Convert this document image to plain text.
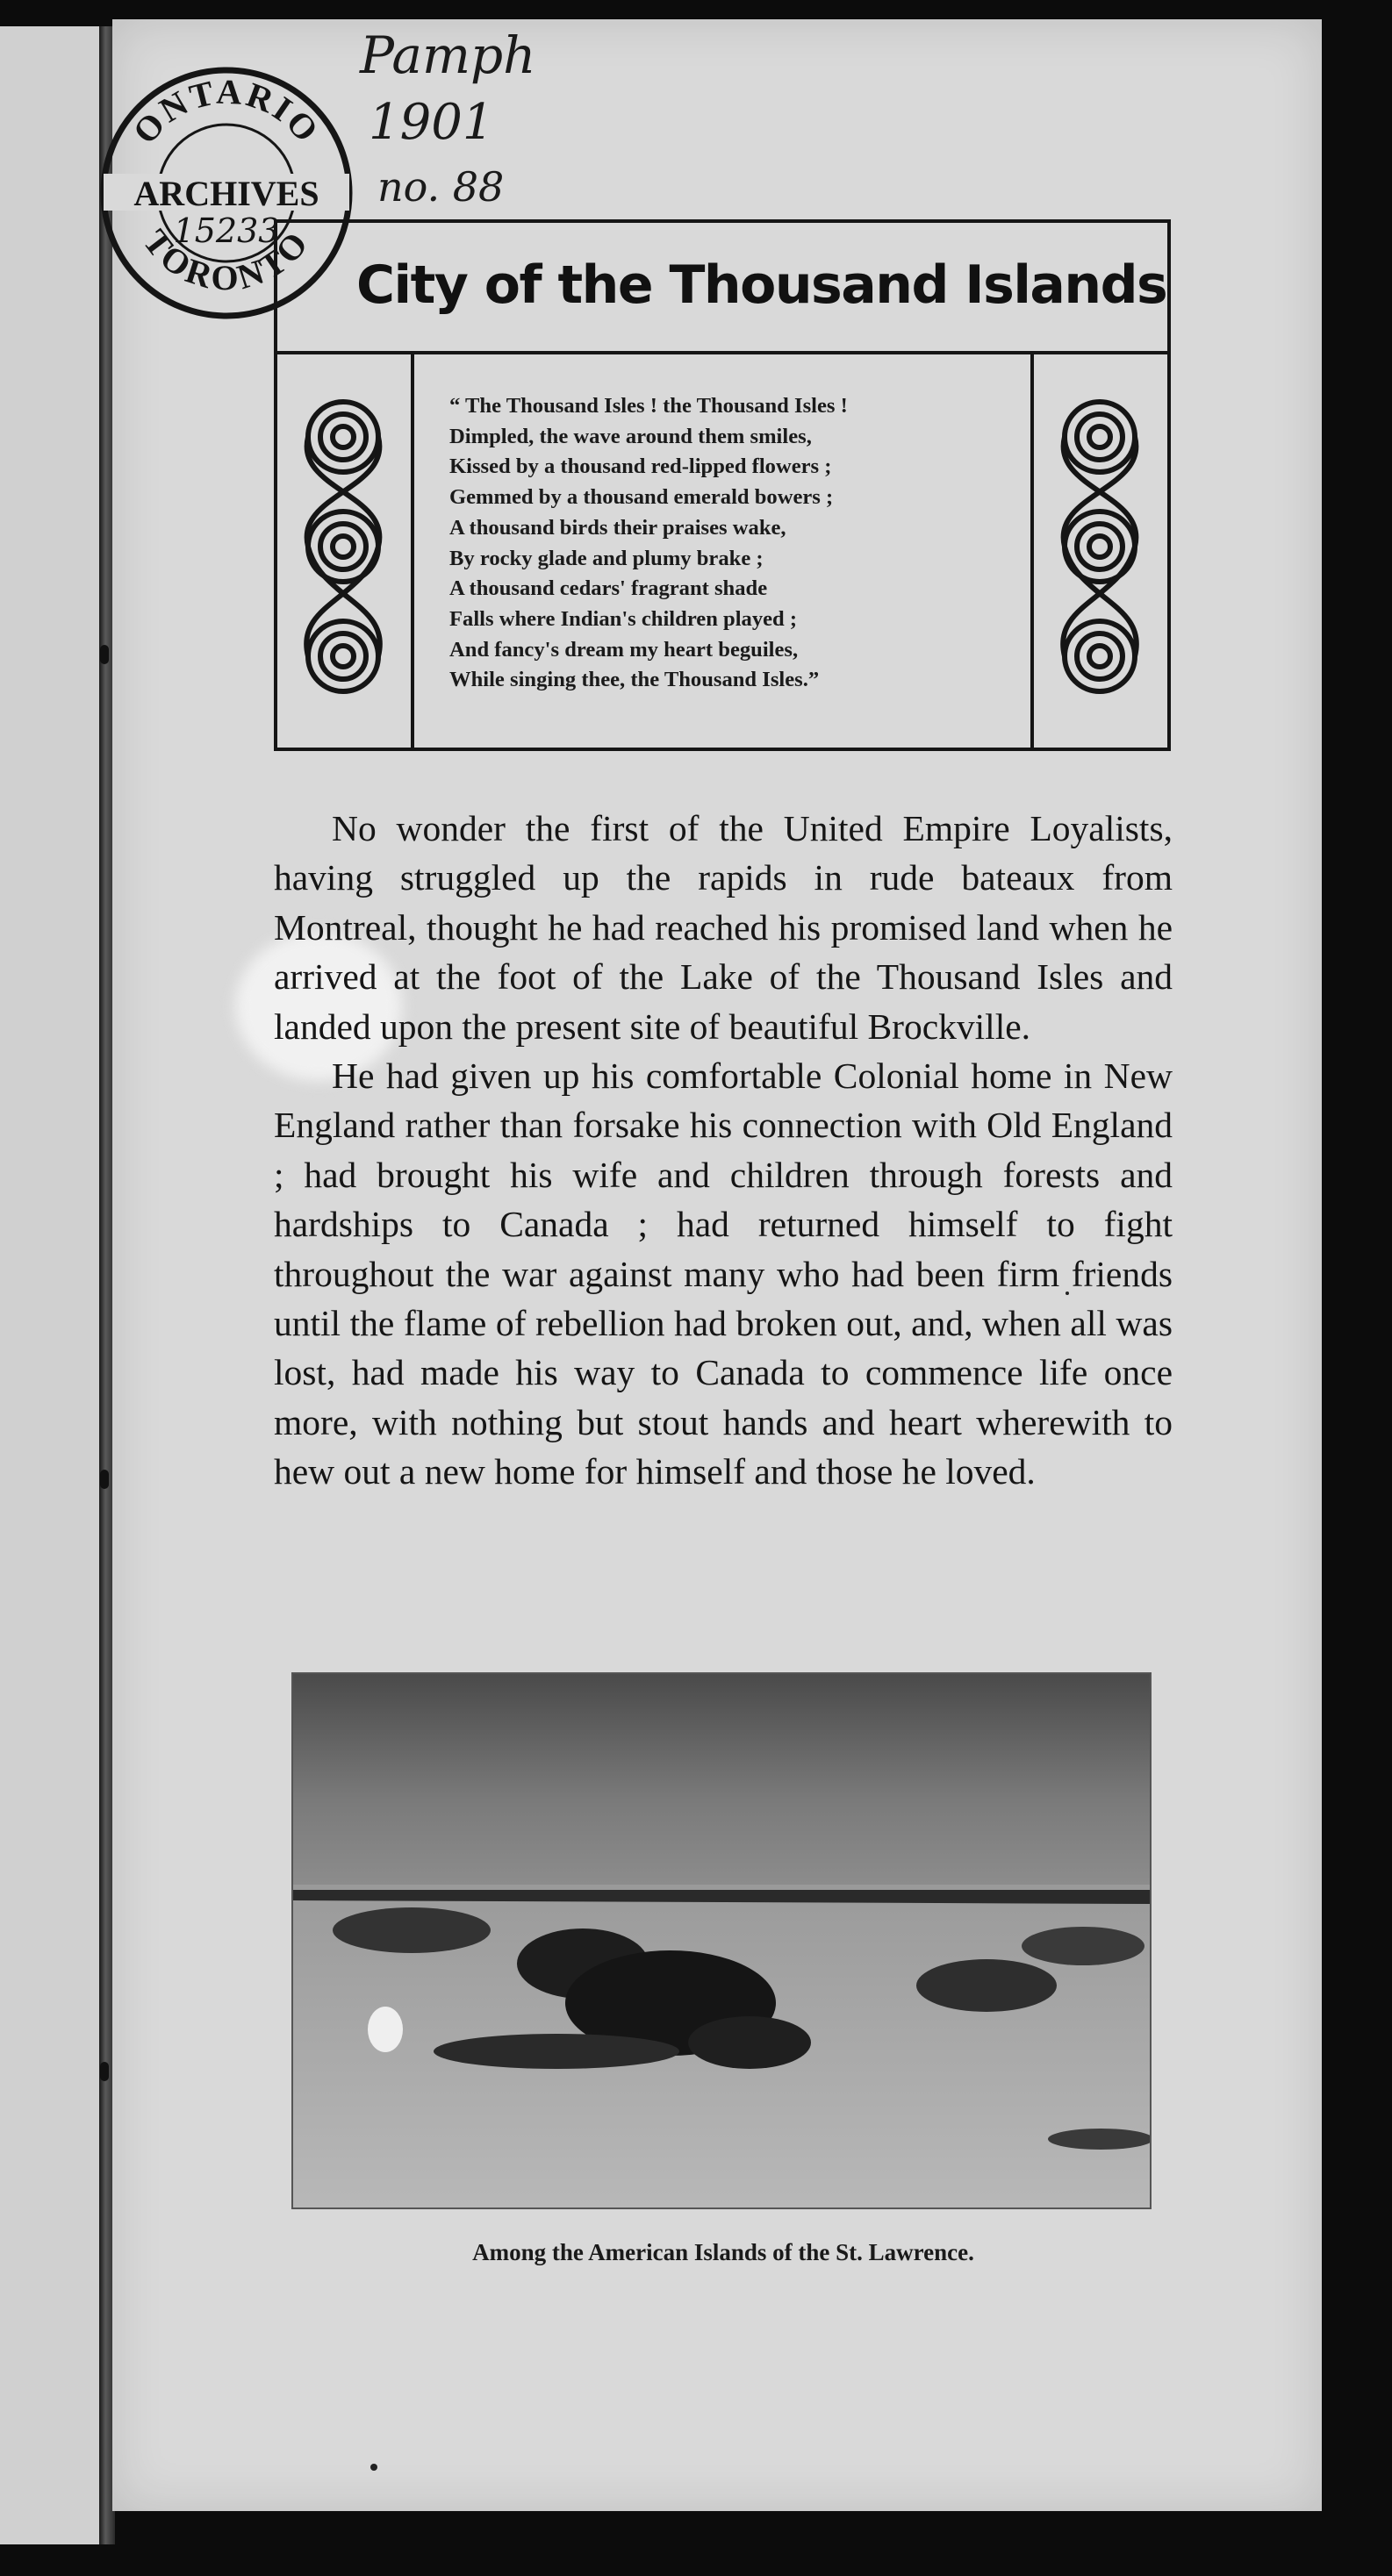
Pamph
1901
no. 88
ONTARIO
TORONTO
ARCHIVES
15233
City of the Thousand Islands
“ The Thousand Isles ! the Thousand Isles !
Dimpled, the wave around them smiles,
Kissed by a thousand red-lipped flowers ;
Gemmed by a thousand emerald bowers ;
A thousand birds their praises wake,
By rocky glade and plumy brake ;
A thousand cedars' fragrant shade
Falls where Indian's children played ;
And fancy's dream my heart beguiles,
While singing thee, the Thousand Isles.”

No wonder the first of the United Empire Loyalists, having struggled up the rapids in rude bateaux from Montreal, thought he had reached his promised land when he arrived at the foot of the Lake of the Thousand Isles and landed upon the present site of beautiful Brockville.

He had given up his comfortable Colonial home in New England rather than forsake his connection with Old England ; had brought his wife and children through forests and hardships to Canada ; had returned himself to fight throughout the war against many who had been firm friends until the flame of rebellion had broken out, and, when all was lost, had made his way to Canada to commence life once more, with nothing but stout hands and heart wherewith to hew out a new home for himself and those he loved.

Among the American Islands of the St. Lawrence.
